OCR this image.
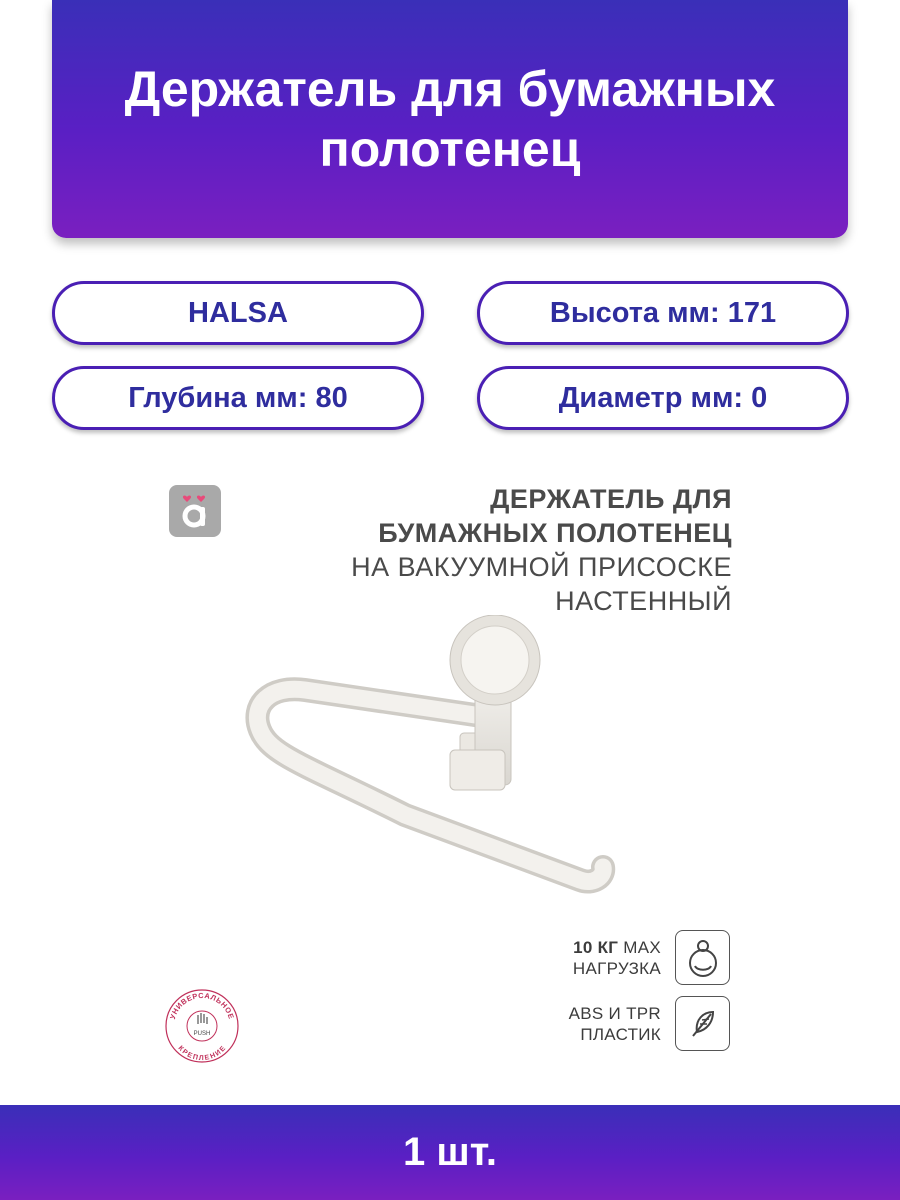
Держатель для бумажных полотенец
HALSA	Высота мм: 171
Глубина мм: 80	Диаметр мм: 0
ДЕРЖАТЕЛЬ ДЛЯ
БУМАЖНЫХ ПОЛОТЕНЕЦ
НА ВАКУУМНОЙ ПРИСОСКЕ
НАСТЕННЫЙ
10 КГ MAX
НАГРУЗКА
ABS И TPR
ПЛАСТИК
УНИВЕРСАЛЬНОЕ
КРЕПЛЕНИЕ
PUSH
1 шт.
